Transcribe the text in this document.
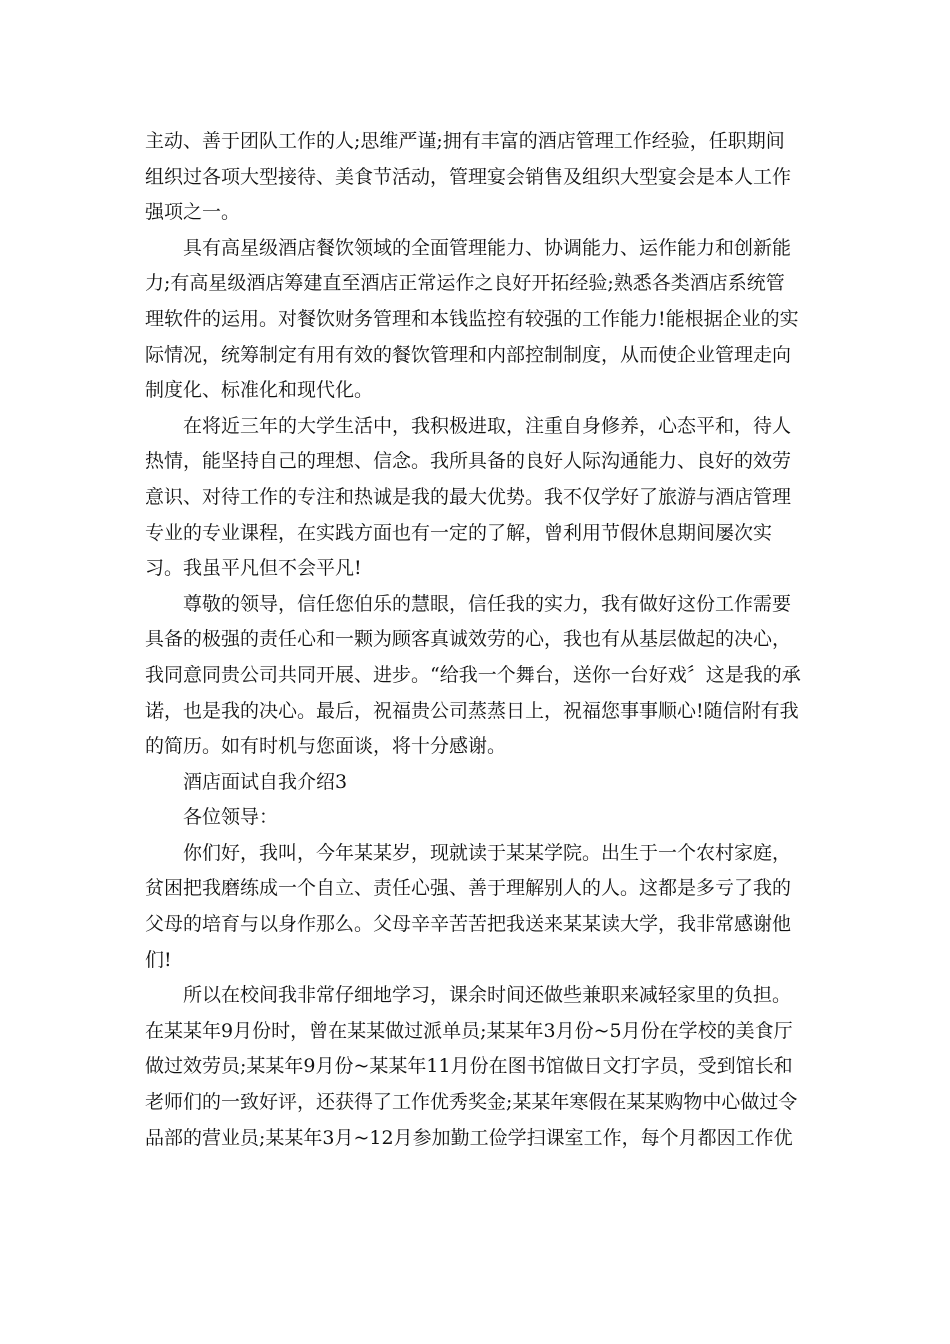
主动、善于团队工作的人;思维严谨;拥有丰富的酒店管理工作经验，任职期间
组织过各项大型接待、美食节活动，管理宴会销售及组织大型宴会是本人工作
强项之一。
具有高星级酒店餐饮领域的全面管理能力、协调能力、运作能力和创新能
力;有高星级酒店筹建直至酒店正常运作之良好开拓经验;熟悉各类酒店系统管
理软件的运用。对餐饮财务管理和本钱监控有较强的工作能力!能根据企业的实
际情况，统筹制定有用有效的餐饮管理和内部控制制度，从而使企业管理走向
制度化、标准化和现代化。
在将近三年的大学生活中，我积极进取，注重自身修养，心态平和，待人
热情，能坚持自己的理想、信念。我所具备的良好人际沟通能力、良好的效劳
意识、对待工作的专注和热诚是我的最大优势。我不仅学好了旅游与酒店管理
专业的专业课程，在实践方面也有一定的了解，曾利用节假休息期间屡次实
习。我虽平凡但不会平凡!
尊敬的领导，信任您伯乐的慧眼，信任我的实力，我有做好这份工作需要
具备的极强的责任心和一颗为顾客真诚效劳的心，我也有从基层做起的决心，
我同意同贵公司共同开展、进步。“给我一个舞台，送你一台好戏〞这是我的承
诺，也是我的决心。最后，祝福贵公司蒸蒸日上，祝福您事事顺心!随信附有我
的简历。如有时机与您面谈，将十分感谢。
酒店面试自我介绍3
各位领导：
你们好，我叫，今年某某岁，现就读于某某学院。出生于一个农村家庭，
贫困把我磨练成一个自立、责任心强、善于理解别人的人。这都是多亏了我的
父母的培育与以身作那么。父母辛辛苦苦把我送来某某读大学，我非常感谢他
们!
所以在校间我非常仔细地学习，课余时间还做些兼职来减轻家里的负担。
在某某年9月份时，曾在某某做过派单员;某某年3月份~5月份在学校的美食厅
做过效劳员;某某年9月份~某某年11月份在图书馆做日文打字员，受到馆长和
老师们的一致好评，还获得了工作优秀奖金;某某年寒假在某某购物中心做过令
品部的营业员;某某年3月~12月参加勤工俭学扫课室工作，每个月都因工作优
